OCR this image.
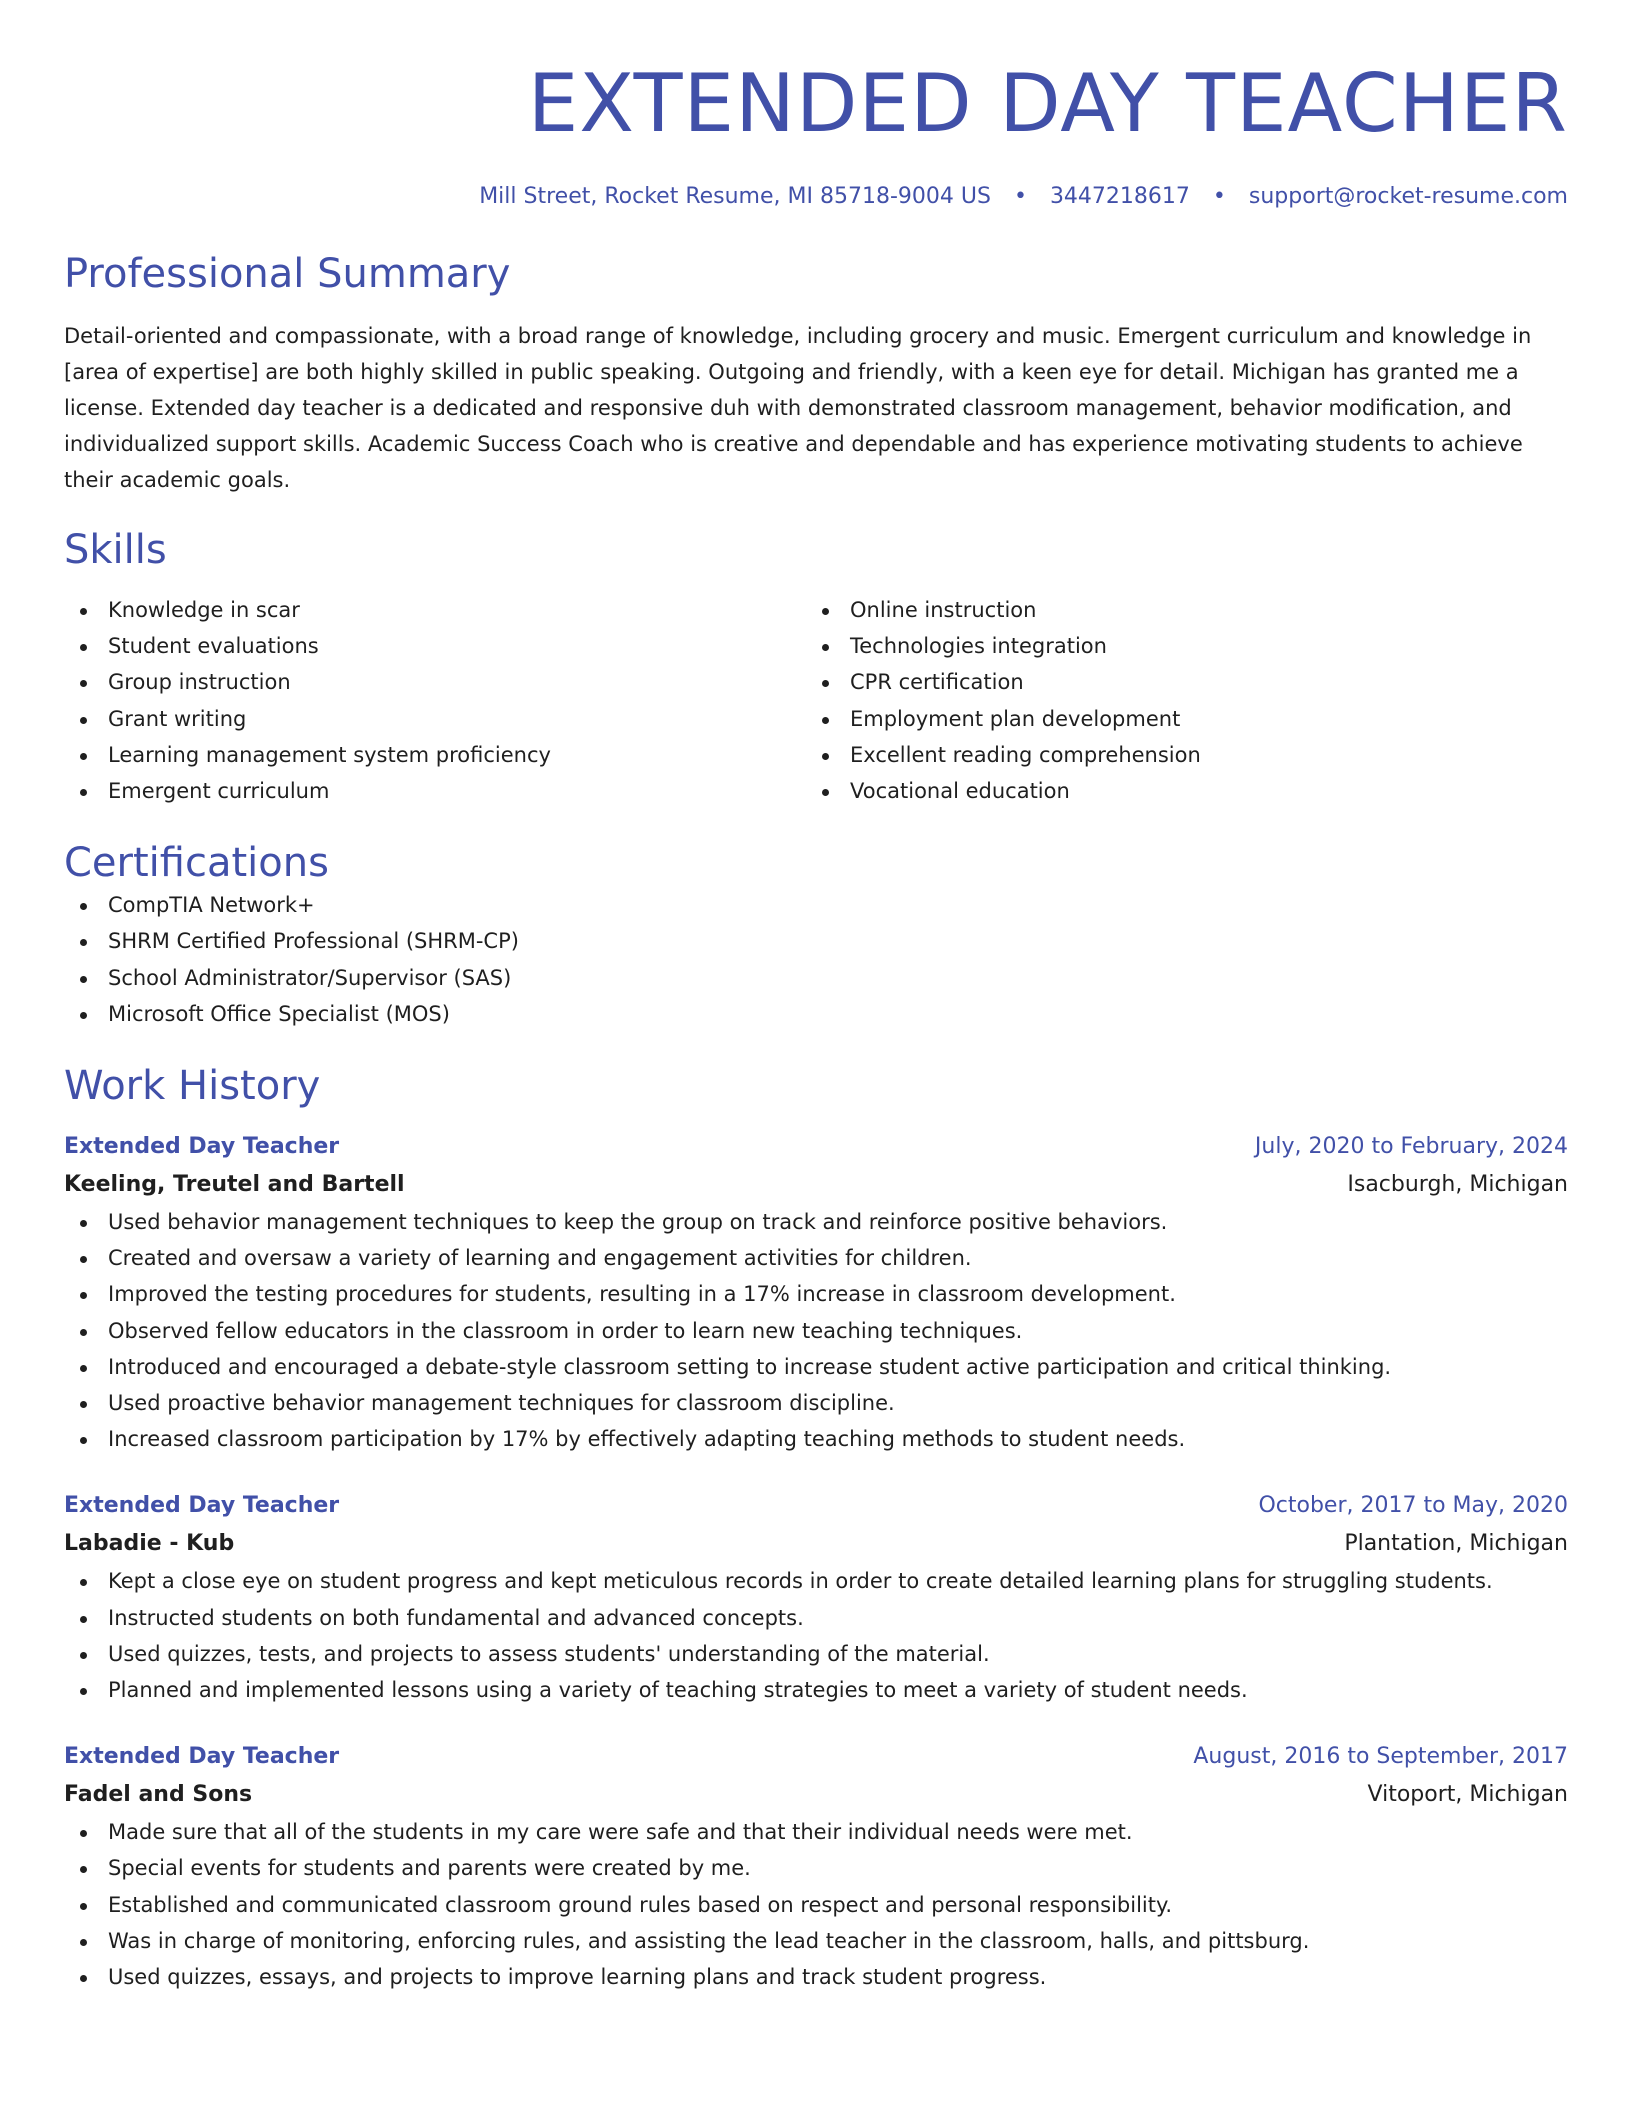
EXTENDED DAY TEACHER
Mill Street, Rocket Resume, MI 85718-9004 US • 3447218617 • support@rocket-resume.com
Professional Summary

Detail-oriented and compassionate, with a broad range of knowledge, including grocery and music. Emergent curriculum and knowledge in [area of expertise] are both highly skilled in public speaking. Outgoing and friendly, with a keen eye for detail. Michigan has granted me a license. Extended day teacher is a dedicated and responsive duh with demonstrated classroom management, behavior modification, and individualized support skills. Academic Success Coach who is creative and dependable and has experience motivating students to achieve their academic goals.

Skills
Knowledge in scar
Student evaluations
Group instruction
Grant writing
Learning management system proficiency
Emergent curriculum
Online instruction
Technologies integration
CPR certification
Employment plan development
Excellent reading comprehension
Vocational education
Certifications
CompTIA Network+
SHRM Certified Professional (SHRM-CP)
School Administrator/Supervisor (SAS)
Microsoft Office Specialist (MOS)
Work History
Extended Day Teacher	July, 2020 to February, 2024
Keeling, Treutel and Bartell	Isacburgh, Michigan
Used behavior management techniques to keep the group on track and reinforce positive behaviors.
Created and oversaw a variety of learning and engagement activities for children.
Improved the testing procedures for students, resulting in a 17% increase in classroom development.
Observed fellow educators in the classroom in order to learn new teaching techniques.
Introduced and encouraged a debate-style classroom setting to increase student active participation and critical thinking.
Used proactive behavior management techniques for classroom discipline.
Increased classroom participation by 17% by effectively adapting teaching methods to student needs.
Extended Day Teacher	October, 2017 to May, 2020
Labadie - Kub	Plantation, Michigan
Kept a close eye on student progress and kept meticulous records in order to create detailed learning plans for struggling students.
Instructed students on both fundamental and advanced concepts.
Used quizzes, tests, and projects to assess students' understanding of the material.
Planned and implemented lessons using a variety of teaching strategies to meet a variety of student needs.
Extended Day Teacher	August, 2016 to September, 2017
Fadel and Sons	Vitoport, Michigan
Made sure that all of the students in my care were safe and that their individual needs were met.
Special events for students and parents were created by me.
Established and communicated classroom ground rules based on respect and personal responsibility.
Was in charge of monitoring, enforcing rules, and assisting the lead teacher in the classroom, halls, and pittsburg.
Used quizzes, essays, and projects to improve learning plans and track student progress.
